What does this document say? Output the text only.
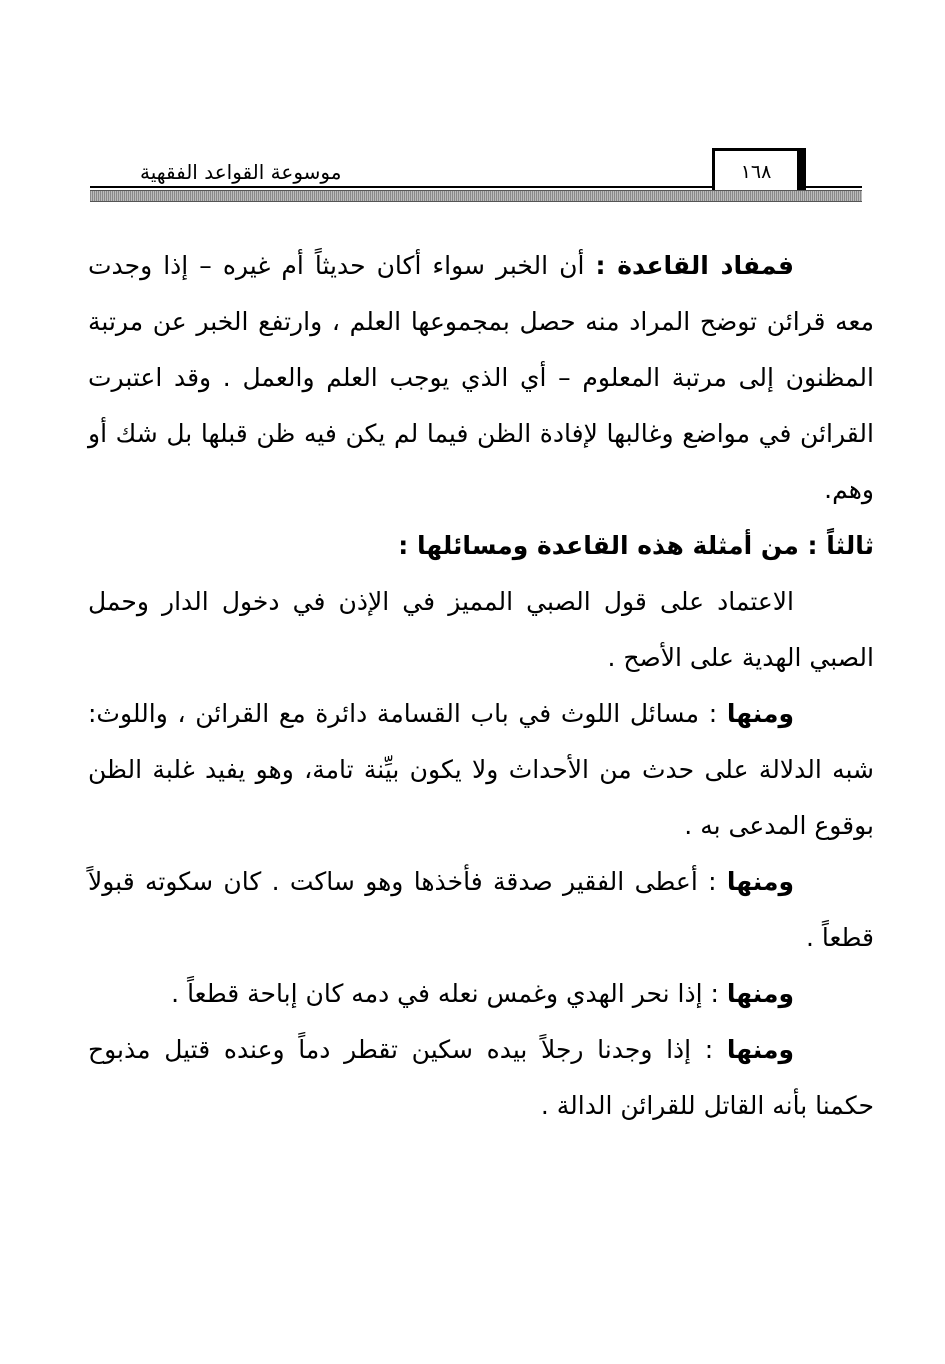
١٦٨
موسوعة القواعد الفقهية

فمفاد القاعدة : أن الخبر سواء أكان حديثاً أم غيره – إذا وجدت معه قرائن توضح المراد منه حصل بمجموعها العلم ، وارتفع الخبر عن مرتبة المظنون إلى مرتبة المعلوم – أي الذي يوجب العلم والعمل . وقد اعتبرت القرائن في مواضع وغالبها لإفادة الظن فيما لم يكن فيه ظن قبلها بل شك أو وهم.

ثالثاً : من أمثلة هذه القاعدة ومسائلها :

الاعتماد على قول الصبي المميز في الإذن في دخول الدار وحمل الصبي الهدية على الأصح .

ومنها : مسائل اللوث في باب القسامة دائرة مع القرائن ، واللوث: شبه الدلالة على حدث من الأحداث ولا يكون بيِّنة تامة، وهو يفيد غلبة الظن بوقوع المدعى به .

ومنها : أعطى الفقير صدقة فأخذها وهو ساكت . كان سكوته قبولاً قطعاً .

ومنها : إذا نحر الهدي وغمس نعله في دمه كان إباحة قطعاً .

ومنها : إذا وجدنا رجلاً بيده سكين تقطر دماً وعنده قتيل مذبوح حكمنا بأنه القاتل للقرائن الدالة .
